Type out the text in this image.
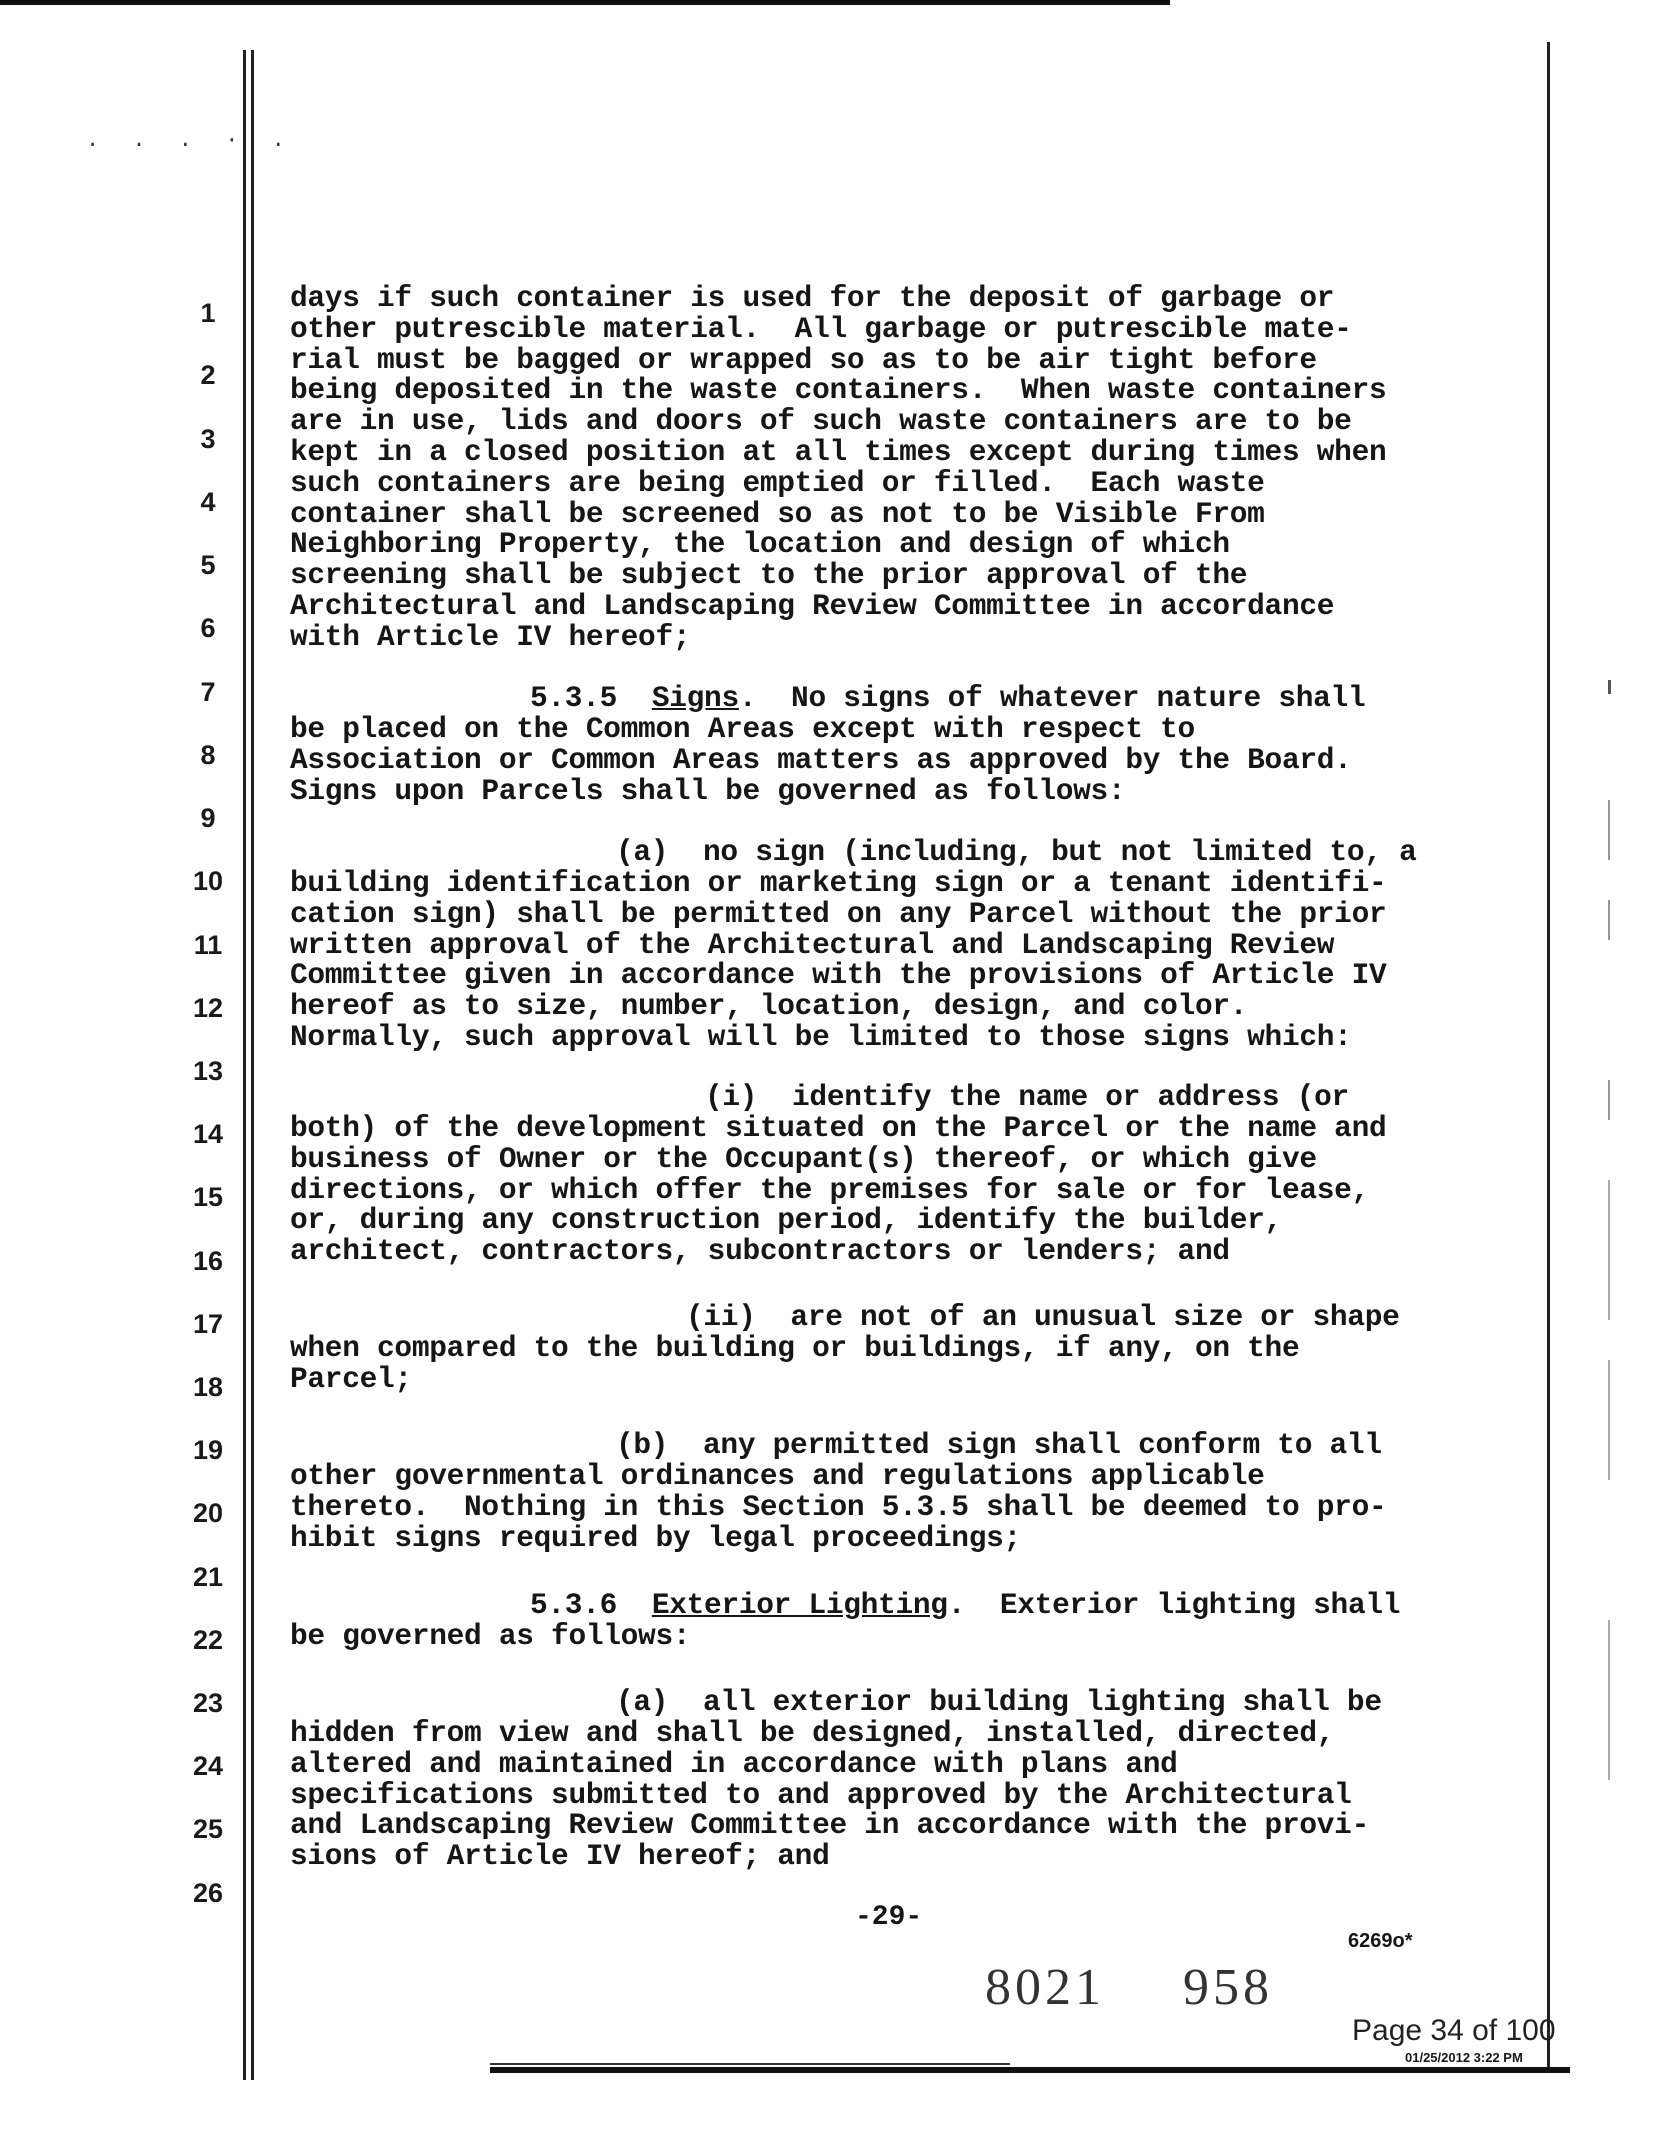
. . . · .
1
2
3
4
5
6
7
8
9
10
11
12
13
14
15
16
17
18
19
20
21
22
23
24
25
26

days if such container is used for the deposit of garbage or
other putrescible material.  All garbage or putrescible mate-
rial must be bagged or wrapped so as to be air tight before
being deposited in the waste containers.  When waste containers
are in use, lids and doors of such waste containers are to be
kept in a closed position at all times except during times when
such containers are being emptied or filled.  Each waste
container shall be screened so as not to be Visible From
Neighboring Property, the location and design of which
screening shall be subject to the prior approval of the
Architectural and Landscaping Review Committee in accordance
with Article IV hereof;

5.3.5 Signs.  No signs of whatever nature shall

be placed on the Common Areas except with respect to
Association or Common Areas matters as approved by the Board.
Signs upon Parcels shall be governed as follows:

(a)  no sign (including, but not limited to, a

building identification or marketing sign or a tenant identifi-
cation sign) shall be permitted on any Parcel without the prior
written approval of the Architectural and Landscaping Review
Committee given in accordance with the provisions of Article IV
hereof as to size, number, location, design, and color.
Normally, such approval will be limited to those signs which:

(i)  identify the name or address (or

both) of the development situated on the Parcel or the name and
business of Owner or the Occupant(s) thereof, or which give
directions, or which offer the premises for sale or for lease,
or, during any construction period, identify the builder,
architect, contractors, subcontractors or lenders; and

(ii)  are not of an unusual size or shape

when compared to the building or buildings, if any, on the
Parcel;

(b)  any permitted sign shall conform to all

other governmental ordinances and regulations applicable
thereto.  Nothing in this Section 5.3.5 shall be deemed to pro-
hibit signs required by legal proceedings;

5.3.6 Exterior Lighting.  Exterior lighting shall

be governed as follows:

(a)  all exterior building lighting shall be

hidden from view and shall be designed, installed, directed,
altered and maintained in accordance with plans and
specifications submitted to and approved by the Architectural
and Landscaping Review Committee in accordance with the provi-
sions of Article IV hereof; and

-29-
6269o*
8021 958
Page 34 of 100
01/25/2012 3:22 PM
